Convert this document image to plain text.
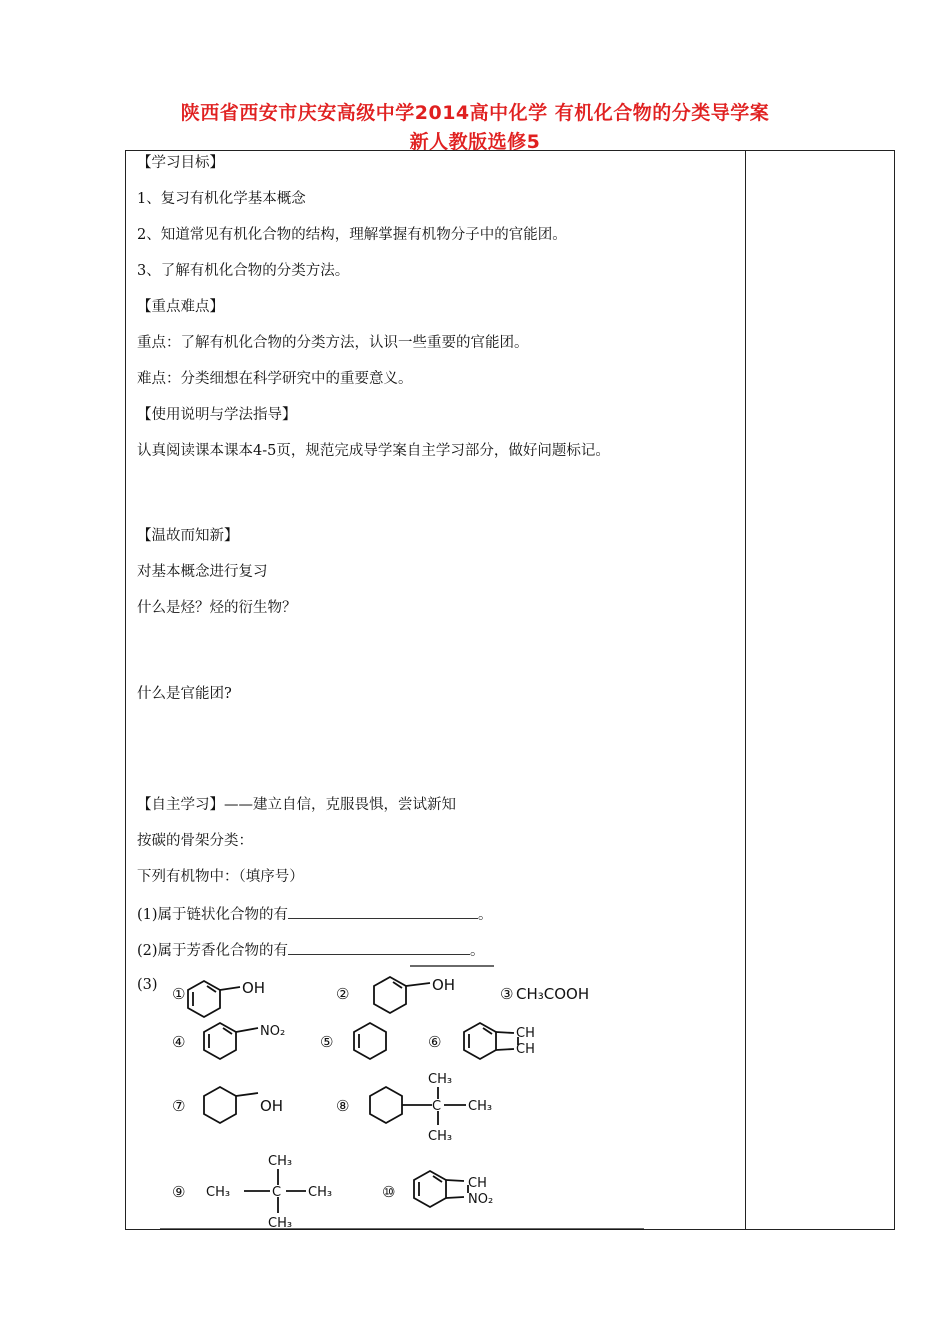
陕西省西安市庆安高级中学2014高中化学 有机化合物的分类导学案
新人教版选修5
【学习目标】
1、复习有机化学基本概念
2、知道常见有机化合物的结构，理解掌握有机物分子中的官能团。
3、了解有机化合物的分类方法。
【重点难点】
重点：了解有机化合物的分类方法，认识一些重要的官能团。
难点：分类细想在科学研究中的重要意义。
【使用说明与学法指导】
认真阅读课本课本4-5页，规范完成导学案自主学习部分，做好问题标记。
【温故而知新】
对基本概念进行复习
什么是烃？烃的衍生物？
什么是官能团?
【自主学习】——建立自信，克服畏惧，尝试新知
按碳的骨架分类：
下列有机物中：（填序号）
(1)属于链状化合物的有	。
(2)属于芳香化合物的有	。
(3) ①	OH	②	OH	③ CH₃COOH
④
NO₂
⑤	⑥	CH
CH
⑦	OH	⑧
CH₃
C CH₃
CH₃
⑨ CH₃
CH₃
C CH₃
CH₃
⑩	CH
NO₂
